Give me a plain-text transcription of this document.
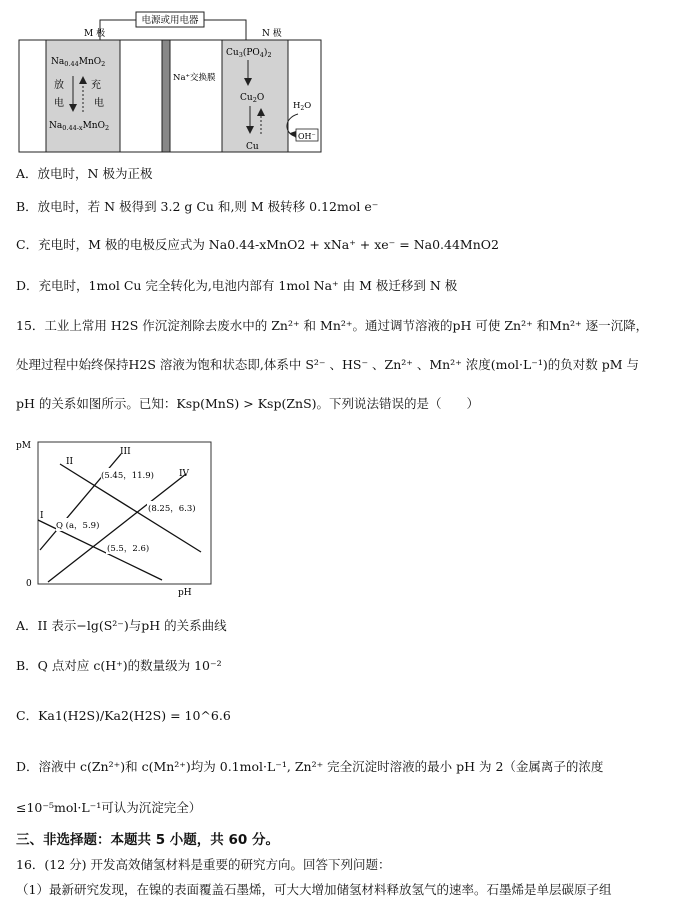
电源或用电器
M 极	N 极
$Na_{0.44}MnO_2$
放
电
充
电
$Na_{0.44-x}MnO_2$
Na⁺交换膜
$Cu_3(PO_4)_2$
$Cu_2O$
Cu
$H_2O$
OH⁻
A．放电时，N 极为正极
B．放电时，若 N 极得到 3.2 g Cu 和,则 M 极转移 0.12mol e⁻
C．充电时，M 极的电极反应式为 Na0.44-xMnO2 + xNa⁺ + xe⁻ = Na0.44MnO2
D．充电时，1mol Cu 完全转化为,电池内部有 1mol Na⁺ 由 M 极迁移到 N 极
15．工业上常用 H2S 作沉淀剂除去废水中的 Zn²⁺ 和 Mn²⁺。通过调节溶液的pH 可使 Zn²⁺ 和Mn²⁺ 逐一沉降，
处理过程中始终保持H2S 溶液为饱和状态即,体系中 S²⁻ 、HS⁻ 、Zn²⁺ 、Mn²⁺ 浓度(mol·L⁻¹)的负对数 pM 与
pH 的关系如图所示。已知：Ksp(MnS) > Ksp(ZnS)。下列说法错误的是（　　）
pM
0
pH
II
III
IV
I
(5.45，11.9)
(8.25，6.3)
Q (a，5.9)
(5.5，2.6)
A．II 表示−lg(S²⁻)与pH 的关系曲线
B．Q 点对应 c(H⁺)的数量级为 10⁻²
C．Ka1(H2S)/Ka2(H2S) = 10^6.6
D．溶液中 c(Zn²⁺)和 c(Mn²⁺)均为 0.1mol·L⁻¹, Zn²⁺ 完全沉淀时溶液的最小 pH 为 2（金属离子的浓度
≤10⁻⁵mol·L⁻¹可认为沉淀完全）
三、非选择题：本题共 5 小题，共 60 分。
16．(12 分) 开发高效储氢材料是重要的研究方向。回答下列问题：
（1）最新研究发现，在镍的表面覆盖石墨烯，可大大增加储氢材料释放氢气的速率。石墨烯是单层碳原子组
